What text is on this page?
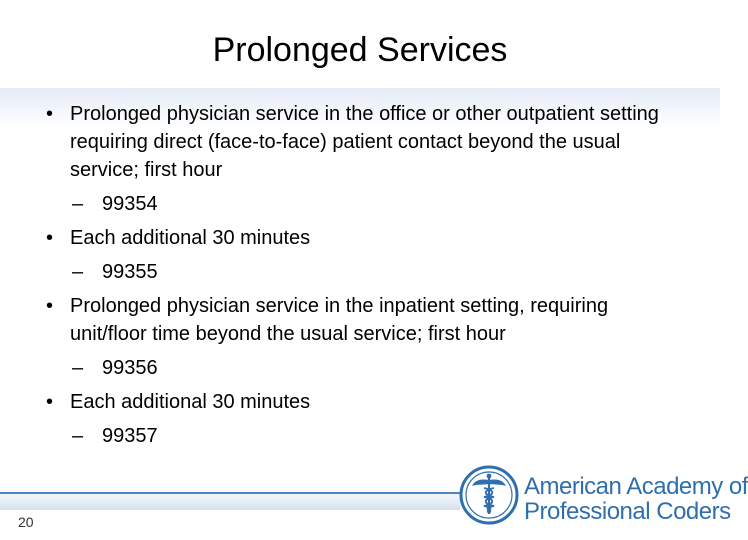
Prolonged Services
• Prolonged physician service in the office or other outpatient setting requiring direct (face-to-face) patient contact beyond the usual service; first hour
– 99354
• Each additional 30 minutes
– 99355
• Prolonged physician service in the inpatient setting, requiring unit/floor time beyond the usual service; first hour
– 99356
• Each additional 30 minutes
– 99357
20
American Academy of
Professional Coders
